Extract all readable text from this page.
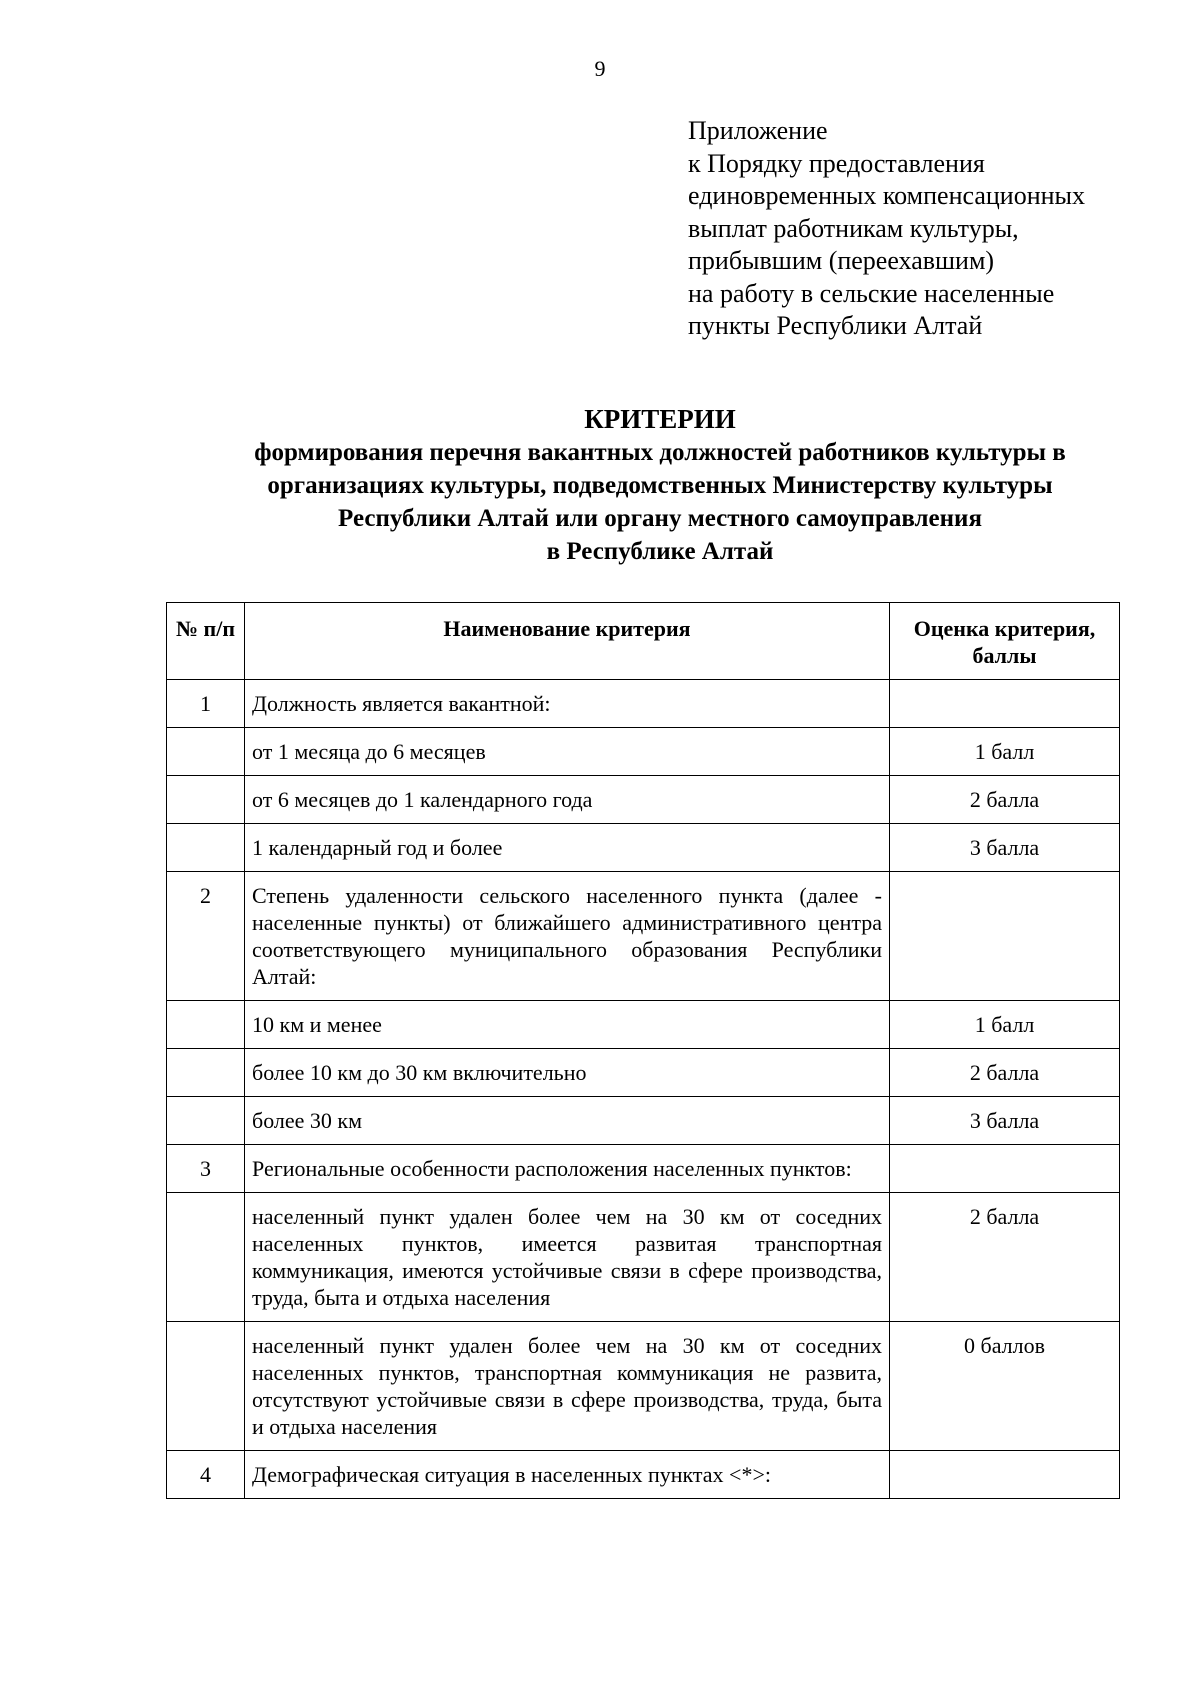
9
Приложение
к Порядку предоставления
единовременных компенсационных
выплат работникам культуры,
прибывшим (переехавшим)
на работу в сельские населенные
пункты Республики Алтай
КРИТЕРИИ
формирования перечня вакантных должностей работников культуры в
организациях культуры, подведомственных Министерству культуры
Республики Алтай или органу местного самоуправления
в Республике Алтай
№ п/п	Наименование критерия	Оценка критерия, баллы
1	Должность является вакантной:	
	от 1 месяца до 6 месяцев	1 балл
	от 6 месяцев до 1 календарного года	2 балла
	1 календарный год и более	3 балла
2	Степень удаленности сельского населенного пункта (далее - населенные пункты) от ближайшего административного центра соответствующего муниципального образования Республики Алтай:	
	10 км и менее	1 балл
	более 10 км до 30 км включительно	2 балла
	более 30 км	3 балла
3	Региональные особенности расположения населенных пунктов:	
	населенный пункт удален более чем на 30 км от соседних населенных пунктов, имеется развитая транспортная коммуникация, имеются устойчивые связи в сфере производства, труда, быта и отдыха населения	2 балла
	населенный пункт удален более чем на 30 км от соседних населенных пунктов, транспортная коммуникация не развита, отсутствуют устойчивые связи в сфере производства, труда, быта и отдыха населения	0 баллов
4	Демографическая ситуация в населенных пунктах <*>:	
